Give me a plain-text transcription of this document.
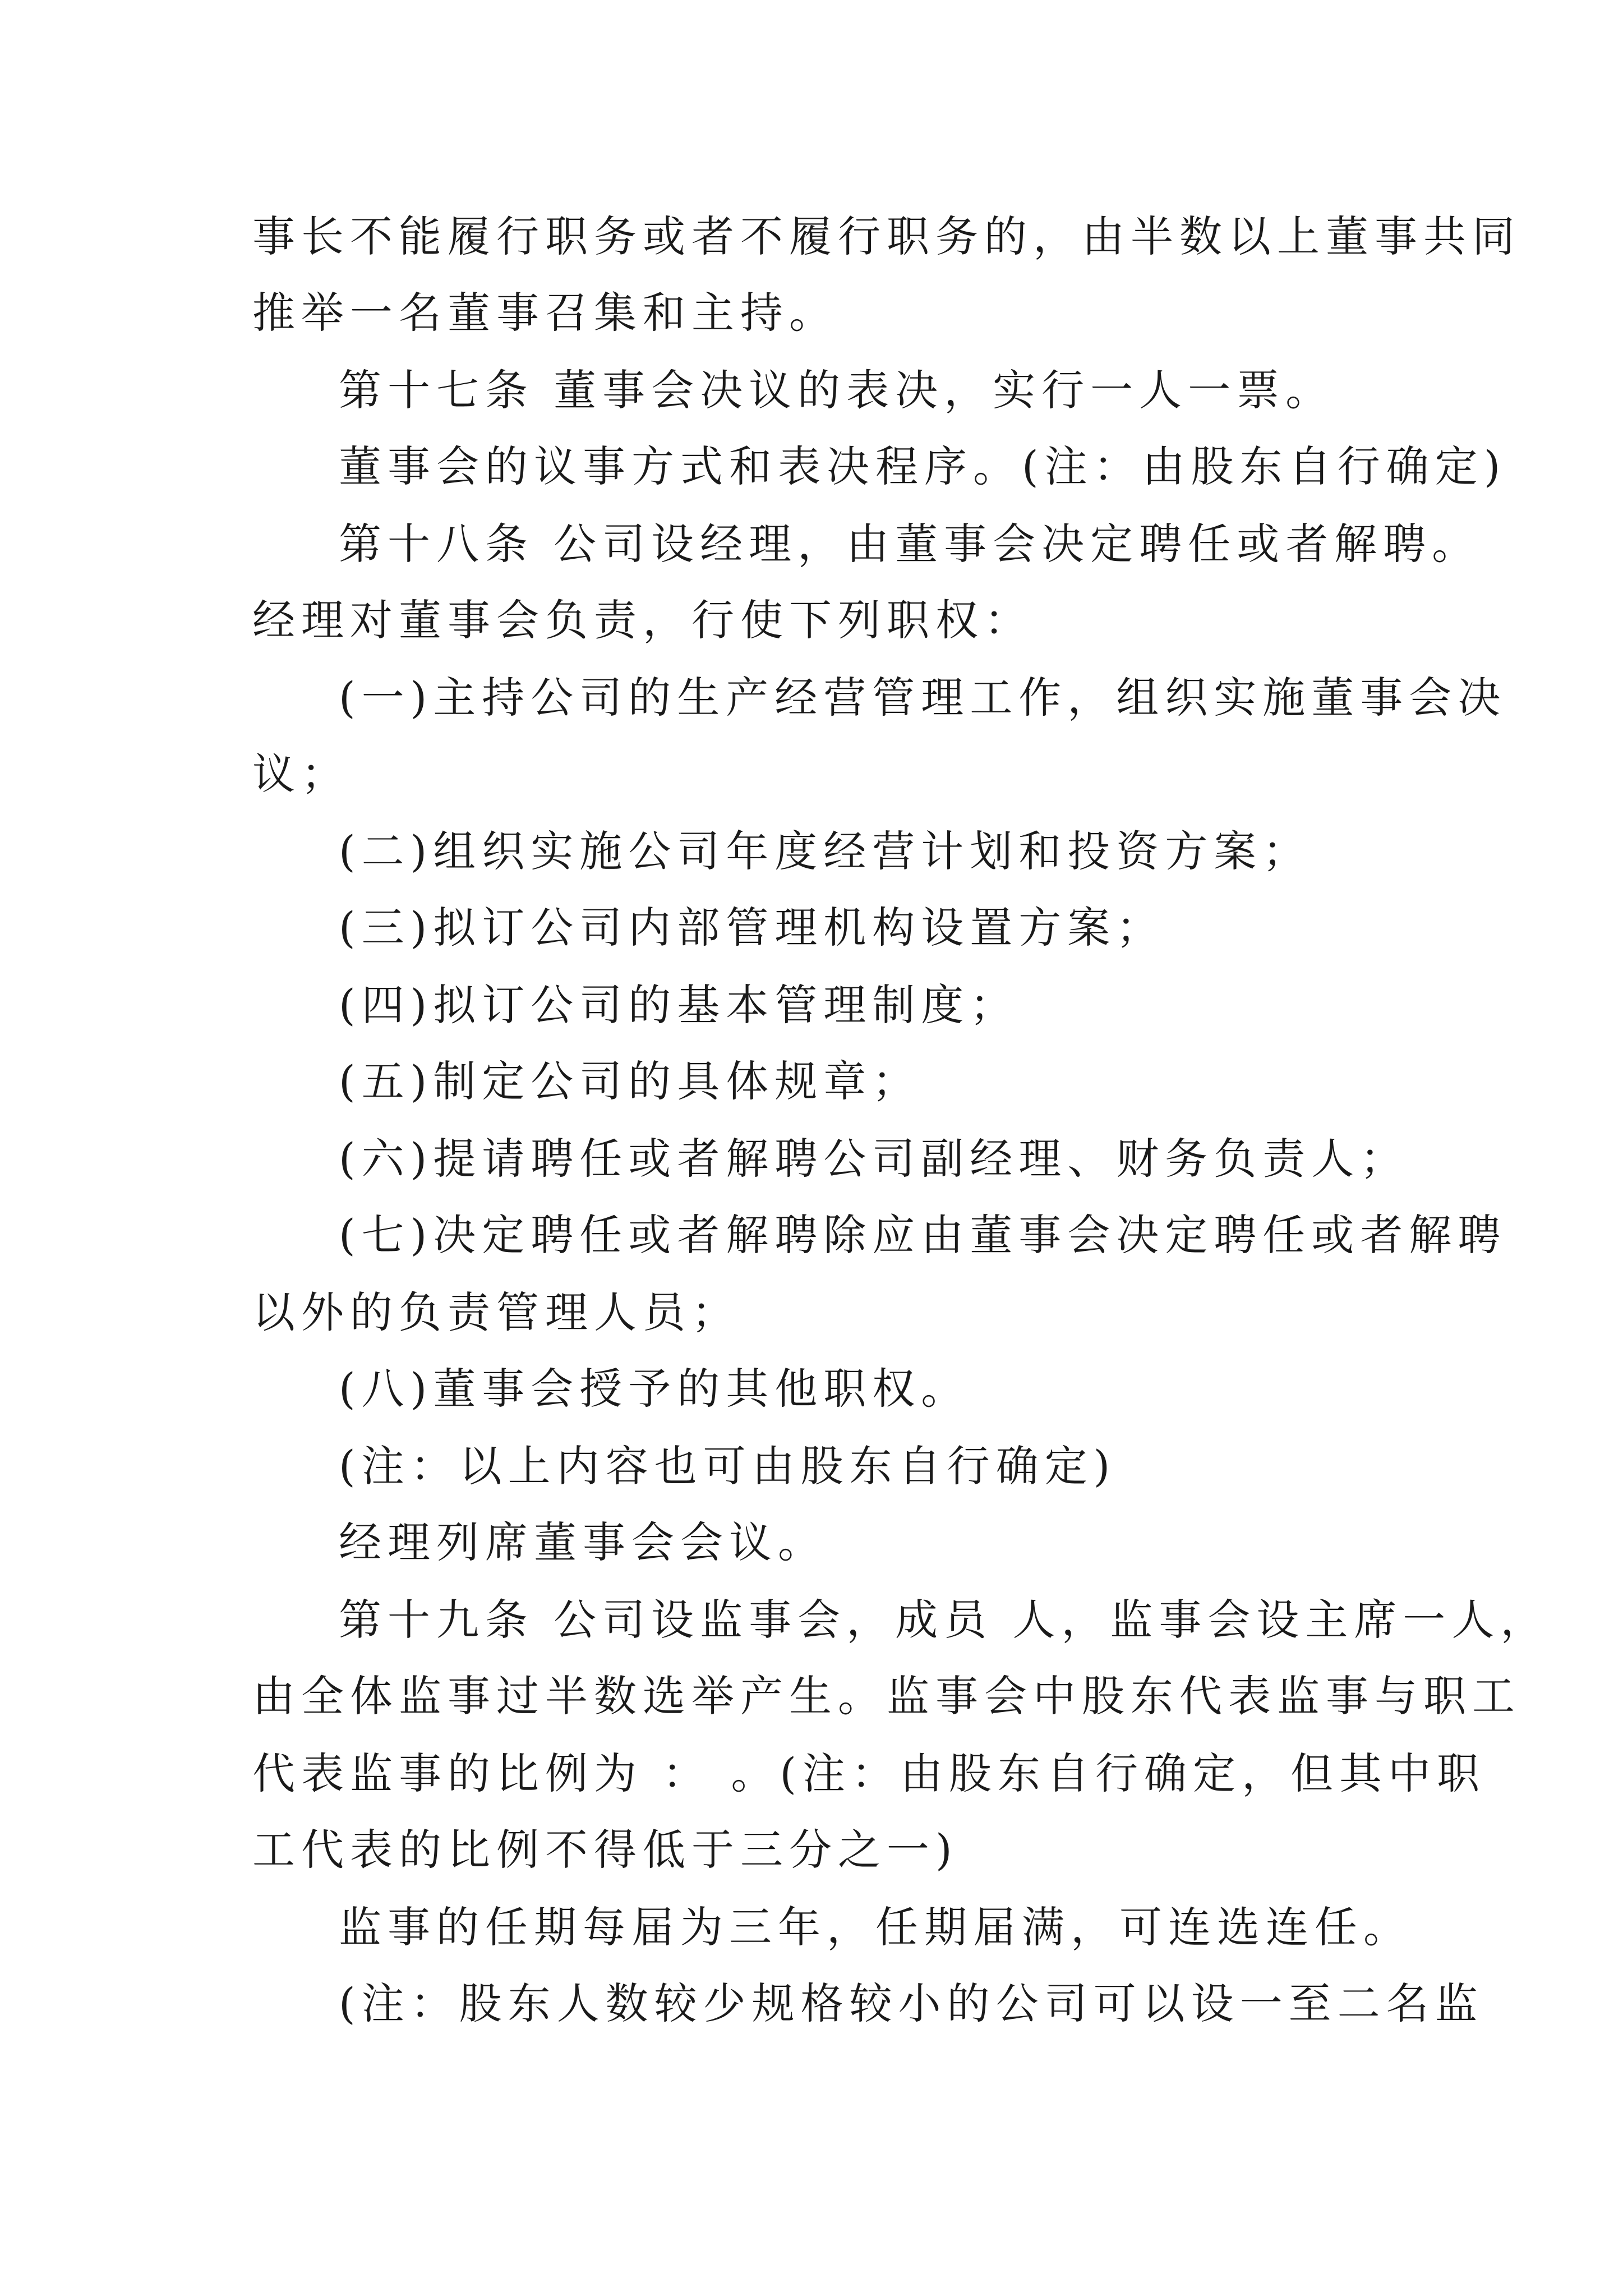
事长不能履行职务或者不履行职务的，由半数以上董事共同
推举一名董事召集和主持。
第十七条 董事会决议的表决，实行一人一票。
董事会的议事方式和表决程序。(注：由股东自行确定)
第十八条 公司设经理，由董事会决定聘任或者解聘。
经理对董事会负责，行使下列职权：
(一)主持公司的生产经营管理工作，组织实施董事会决
议；
(二)组织实施公司年度经营计划和投资方案；
(三)拟订公司内部管理机构设置方案；
(四)拟订公司的基本管理制度；
(五)制定公司的具体规章；
(六)提请聘任或者解聘公司副经理、财务负责人；
(七)决定聘任或者解聘除应由董事会决定聘任或者解聘
以外的负责管理人员；
(八)董事会授予的其他职权。
(注：以上内容也可由股东自行确定)
经理列席董事会会议。
第十九条 公司设监事会，成员 人，监事会设主席一人，
由全体监事过半数选举产生。监事会中股东代表监事与职工
代表监事的比例为 ： 。(注：由股东自行确定，但其中职
工代表的比例不得低于三分之一)
监事的任期每届为三年，任期届满，可连选连任。
(注：股东人数较少规格较小的公司可以设一至二名监
